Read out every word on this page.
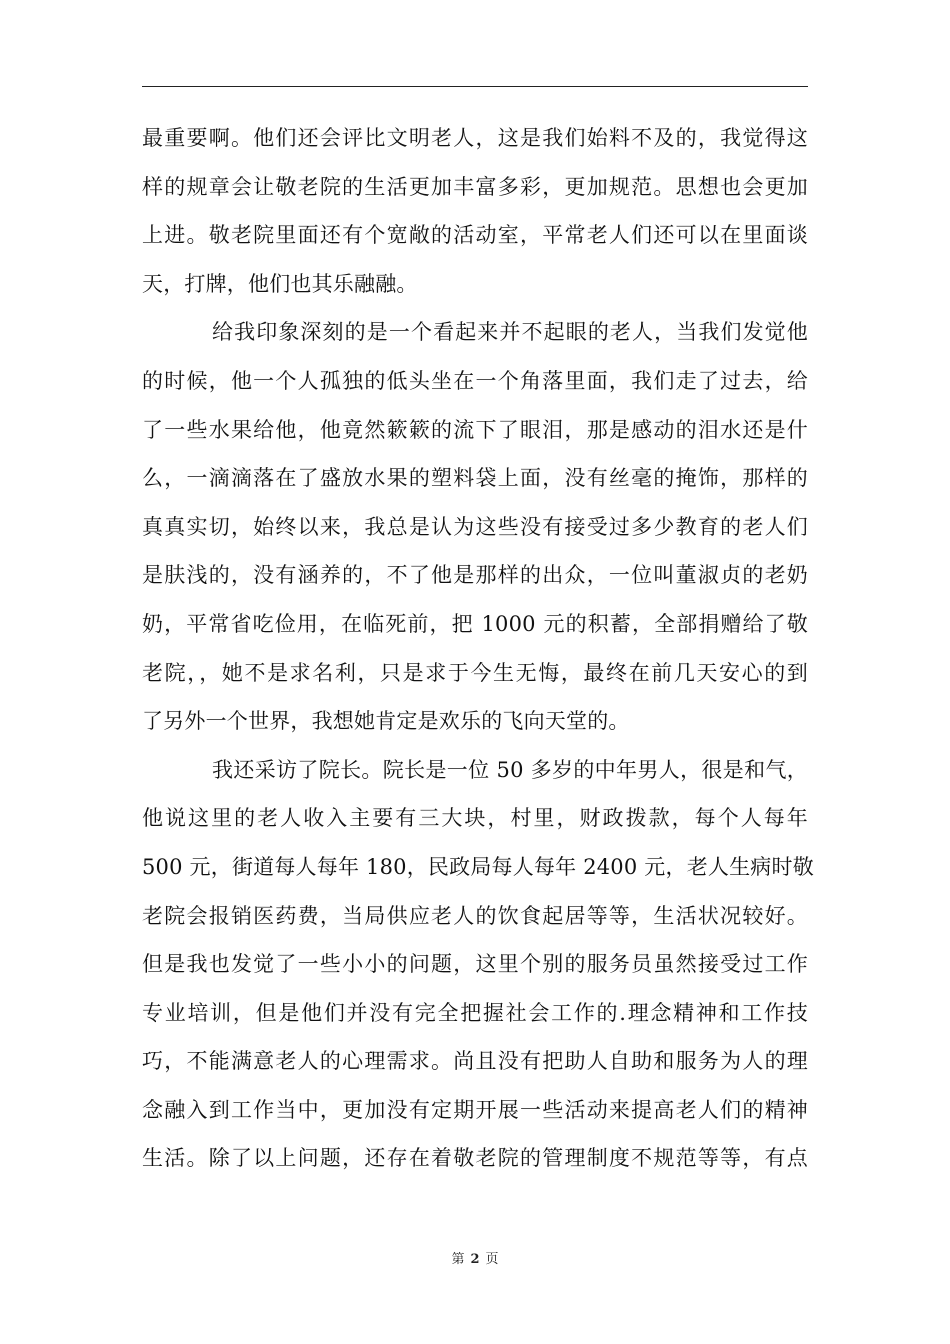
最重要啊。他们还会评比文明老人，这是我们始料不及的，我觉得这
样的规章会让敬老院的生活更加丰富多彩，更加规范。思想也会更加
上进。敬老院里面还有个宽敞的活动室，平常老人们还可以在里面谈
天，打牌，他们也其乐融融。
给我印象深刻的是一个看起来并不起眼的老人，当我们发觉他
的时候，他一个人孤独的低头坐在一个角落里面，我们走了过去，给
了一些水果给他，他竟然簌簌的流下了眼泪，那是感动的泪水还是什
么，一滴滴落在了盛放水果的塑料袋上面，没有丝毫的掩饰，那样的
真真实切，始终以来，我总是认为这些没有接受过多少教育的老人们
是肤浅的，没有涵养的，不了他是那样的出众，一位叫董淑贞的老奶
奶，平常省吃俭用，在临死前，把 1000 元的积蓄，全部捐赠给了敬
老院，，她不是求名利，只是求于今生无悔，最终在前几天安心的到
了另外一个世界，我想她肯定是欢乐的飞向天堂的。
我还采访了院长。院长是一位 50 多岁的中年男人，很是和气，
他说这里的老人收入主要有三大块，村里，财政拨款，每个人每年
500 元，街道每人每年 180，民政局每人每年 2400 元，老人生病时敬
老院会报销医药费，当局供应老人的饮食起居等等，生活状况较好。
但是我也发觉了一些小小的问题，这里个别的服务员虽然接受过工作
专业培训，但是他们并没有完全把握社会工作的.理念精神和工作技
巧，不能满意老人的心理需求。尚且没有把助人自助和服务为人的理
念融入到工作当中，更加没有定期开展一些活动来提高老人们的精神
生活。除了以上问题，还存在着敬老院的管理制度不规范等等，有点
第 2 页
